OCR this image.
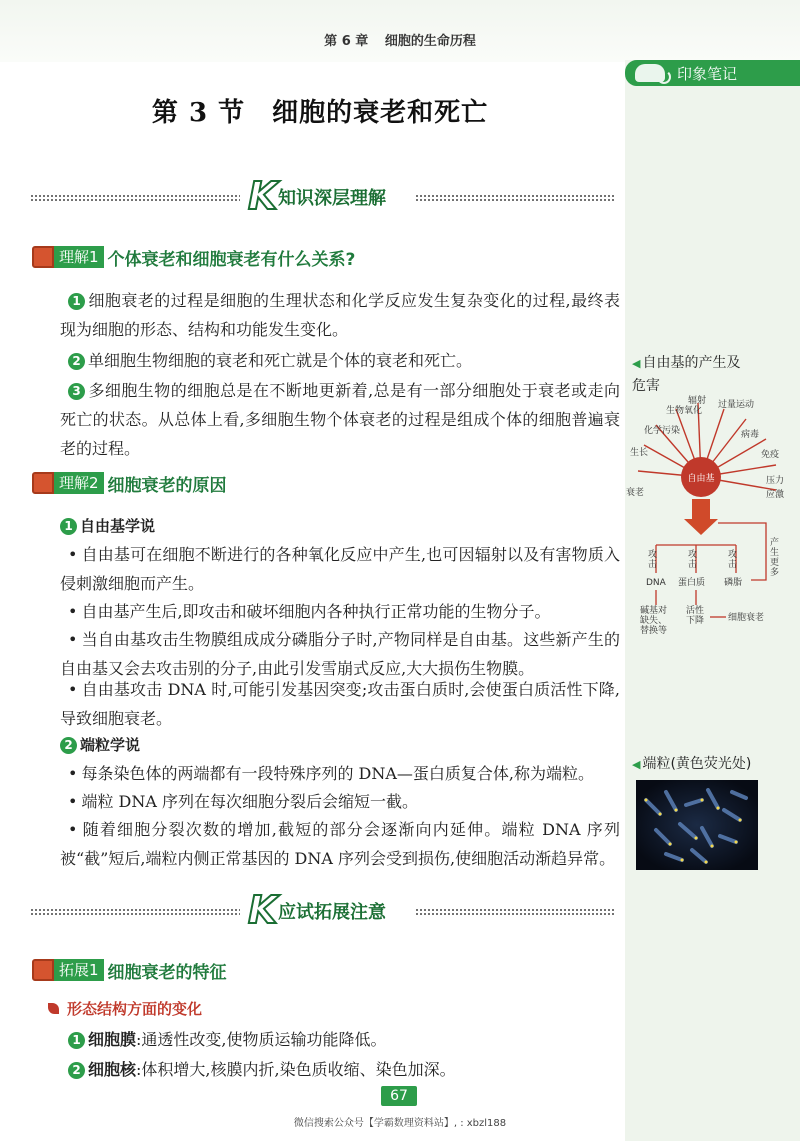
第 6 章 细胞的生命历程
印象笔记
◀ 自由基的产生及
危害
衰老 生长 化学污染 生物氧化 辐射 过量运动 病毒 免疫 压力 应激
自由基
攻 击 攻 击 攻 击 DNA 蛋白质 磷脂 产 生 更 多 碱基对 缺失、 替换等 活性 下降	细胞衰老
◀ 端粒(黄色荧光处)
第 3 节　细胞的衰老和死亡
K 知识深层理解
理解1 个体衰老和细胞衰老有什么关系?
1 细胞衰老的过程是细胞的生理状态和化学反应发生复杂变化的过程,最终表现为细胞的形态、结构和功能发生变化。
2 单细胞生物细胞的衰老和死亡就是个体的衰老和死亡。
3 多细胞生物的细胞总是在不断地更新着,总是有一部分细胞处于衰老或走向死亡的状态。从总体上看,多细胞生物个体衰老的过程是组成个体的细胞普遍衰老的过程。
理解2 细胞衰老的原因
1 自由基学说
• 自由基可在细胞不断进行的各种氧化反应中产生,也可因辐射以及有害物质入侵刺激细胞而产生。
• 自由基产生后,即攻击和破坏细胞内各种执行正常功能的生物分子。
• 当自由基攻击生物膜组成成分磷脂分子时,产物同样是自由基。这些新产生的自由基又会去攻击别的分子,由此引发雪崩式反应,大大损伤生物膜。
• 自由基攻击 DNA 时,可能引发基因突变;攻击蛋白质时,会使蛋白质活性下降,导致细胞衰老。
2 端粒学说
• 每条染色体的两端都有一段特殊序列的 DNA—蛋白质复合体,称为端粒。
• 端粒 DNA 序列在每次细胞分裂后会缩短一截。
• 随着细胞分裂次数的增加,截短的部分会逐渐向内延伸。端粒 DNA 序列被“截”短后,端粒内侧正常基因的 DNA 序列会受到损伤,使细胞活动渐趋异常。
K 应试拓展注意
拓展1 细胞衰老的特征
形态结构方面的变化
1 细胞膜:通透性改变,使物质运输功能降低。
2 细胞核:体积增大,核膜内折,染色质收缩、染色加深。
67
微信搜索公众号【学霸数理资料站】, : xbzl188
